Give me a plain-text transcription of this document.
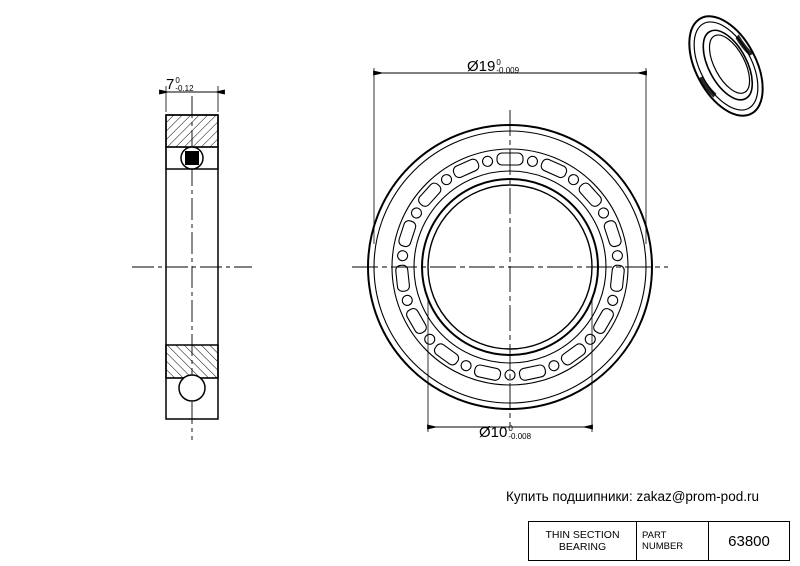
7 0
-0.12
Ø19 0
-0.009
Ø10 0
-0.008
Купить подшипники: zakaz@prom-pod.ru
THIN SECTION
BEARING
PART
NUMBER	63800
